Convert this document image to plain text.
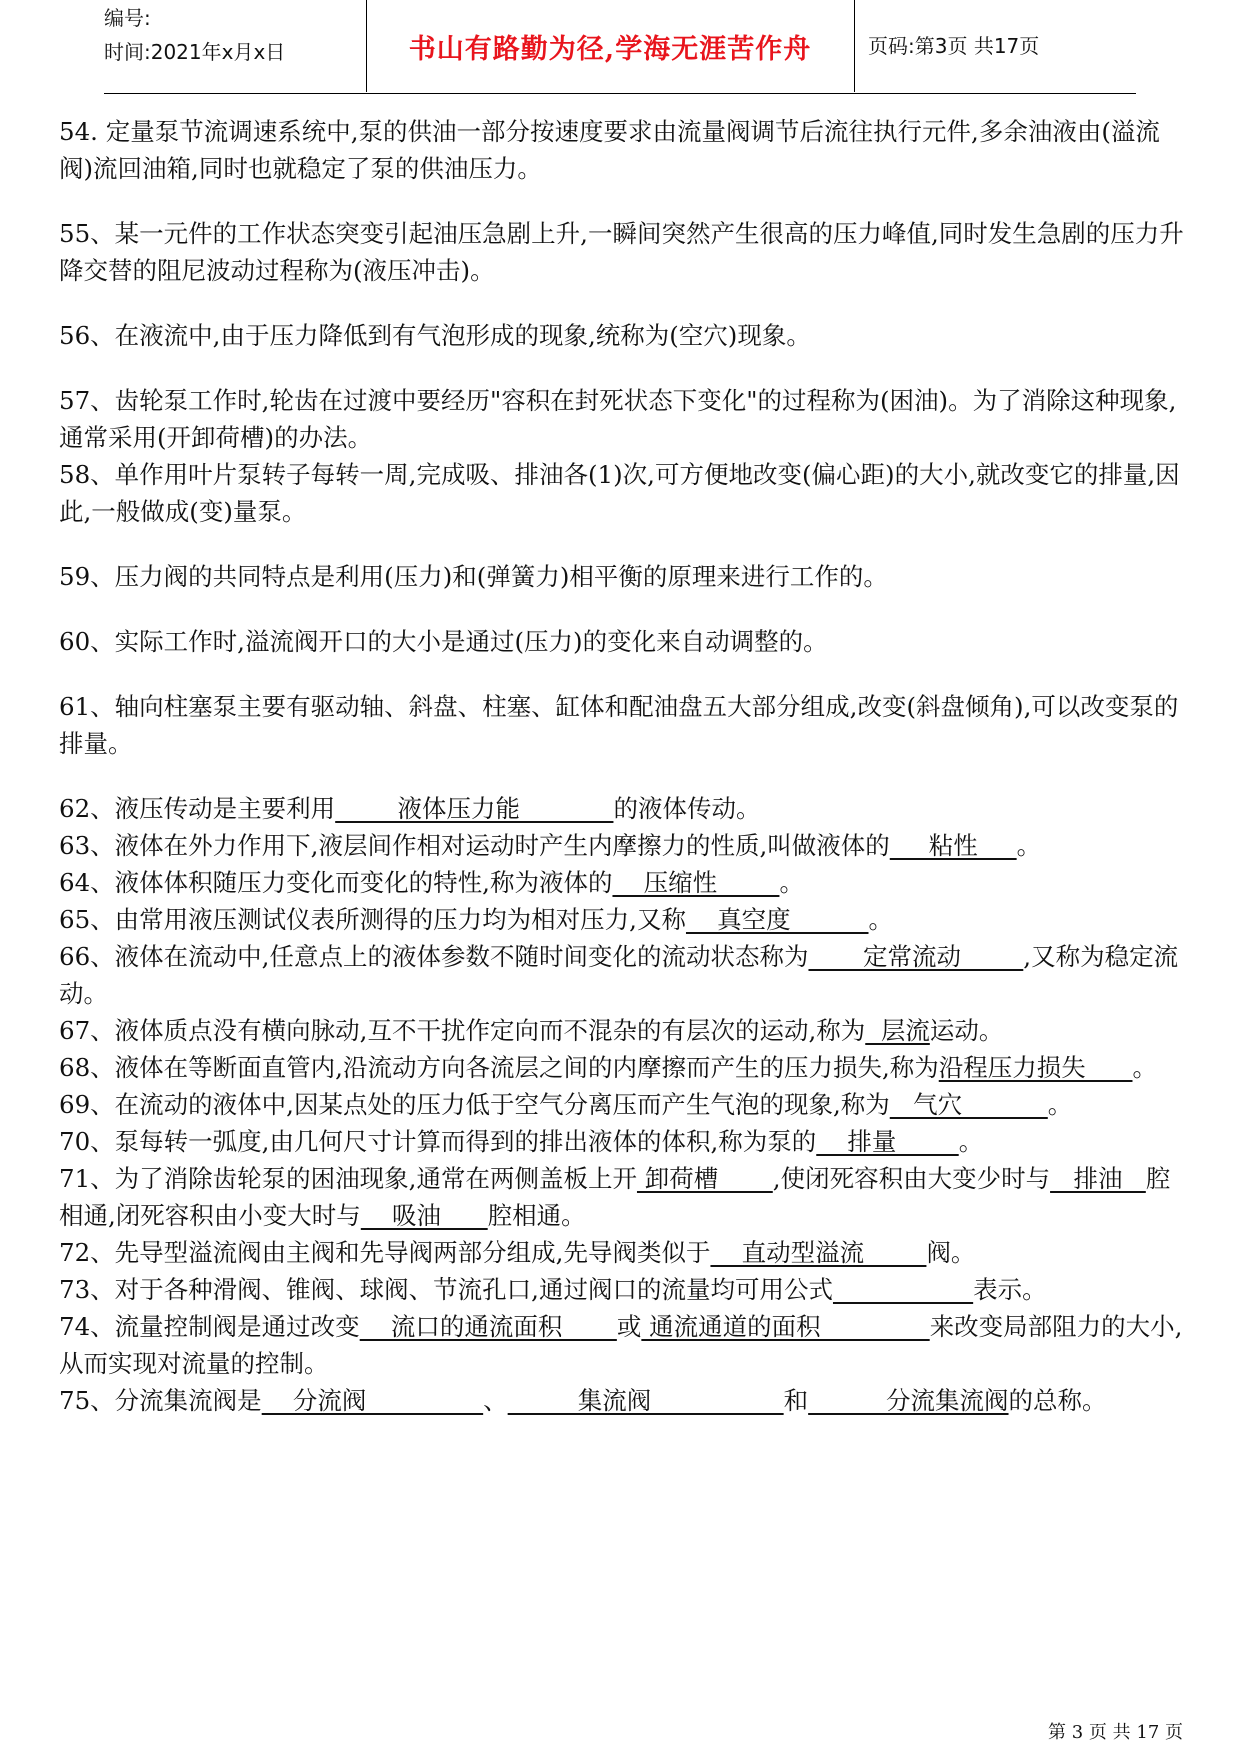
编号:
时间:2021年x月x日	书山有路勤为径,学海无涯苦作舟	页码:第3页 共17页

54. 定量泵节流调速系统中,泵的供油一部分按速度要求由流量阀调节后流往执行元件,多余油液由(溢流阀)流回油箱,同时也就稳定了泵的供油压力。

55、某一元件的工作状态突变引起油压急剧上升,一瞬间突然产生很高的压力峰值,同时发生急剧的压力升降交替的阻尼波动过程称为(液压冲击)。

56、在液流中,由于压力降低到有气泡形成的现象,统称为(空穴)现象。

57、齿轮泵工作时,轮齿在过渡中要经历"容积在封死状态下变化"的过程称为(困油)。为了消除这种现象,通常采用(开卸荷槽)的办法。

58、单作用叶片泵转子每转一周,完成吸、排油各(1)次,可方便地改变(偏心距)的大小,就改变它的排量,因此,一般做成(变)量泵。

59、压力阀的共同特点是利用(压力)和(弹簧力)相平衡的原理来进行工作的。

60、实际工作时,溢流阀开口的大小是通过(压力)的变化来自动调整的。

61、轴向柱塞泵主要有驱动轴、斜盘、柱塞、缸体和配油盘五大部分组成,改变(斜盘倾角),可以改变泵的排量。

62、液压传动是主要利用        液体压力能            的液体传动。

63、液体在外力作用下,液层间作相对运动时产生内摩擦力的性质,叫做液体的     粘性     。

64、液体体积随压力变化而变化的特性,称为液体的    压缩性        。

65、由常用液压测试仪表所测得的压力均为相对压力,又称    真空度          。

66、液体在流动中,任意点上的液体参数不随时间变化的流动状态称为       定常流动        ,又称为稳定流动。

67、液体质点没有横向脉动,互不干扰作定向而不混杂的有层次的运动,称为  层流运动。

68、液体在等断面直管内,沿流动方向各流层之间的内摩擦而产生的压力损失,称为沿程压力损失      。

69、在流动的液体中,因某点处的压力低于空气分离压而产生气泡的现象,称为   气穴           。

70、泵每转一弧度,由几何尺寸计算而得到的排出液体的体积,称为泵的    排量        。

71、为了消除齿轮泵的困油现象,通常在两侧盖板上开 卸荷槽       ,使闭死容积由大变少时与   排油   腔相通,闭死容积由小变大时与    吸油      腔相通。

72、先导型溢流阀由主阀和先导阀两部分组成,先导阀类似于    直动型溢流        阀。

73、对于各种滑阀、锥阀、球阀、节流孔口,通过阀口的流量均可用公式	表示。

74、流量控制阀是通过改变    流口的通流面积       或 通流通道的面积              来改变局部阻力的大小,从而实现对流量的控制。

75、分流集流阀是    分流阀               、         集流阀                 和          分流集流阀的总称。

第 3 页 共 17 页
